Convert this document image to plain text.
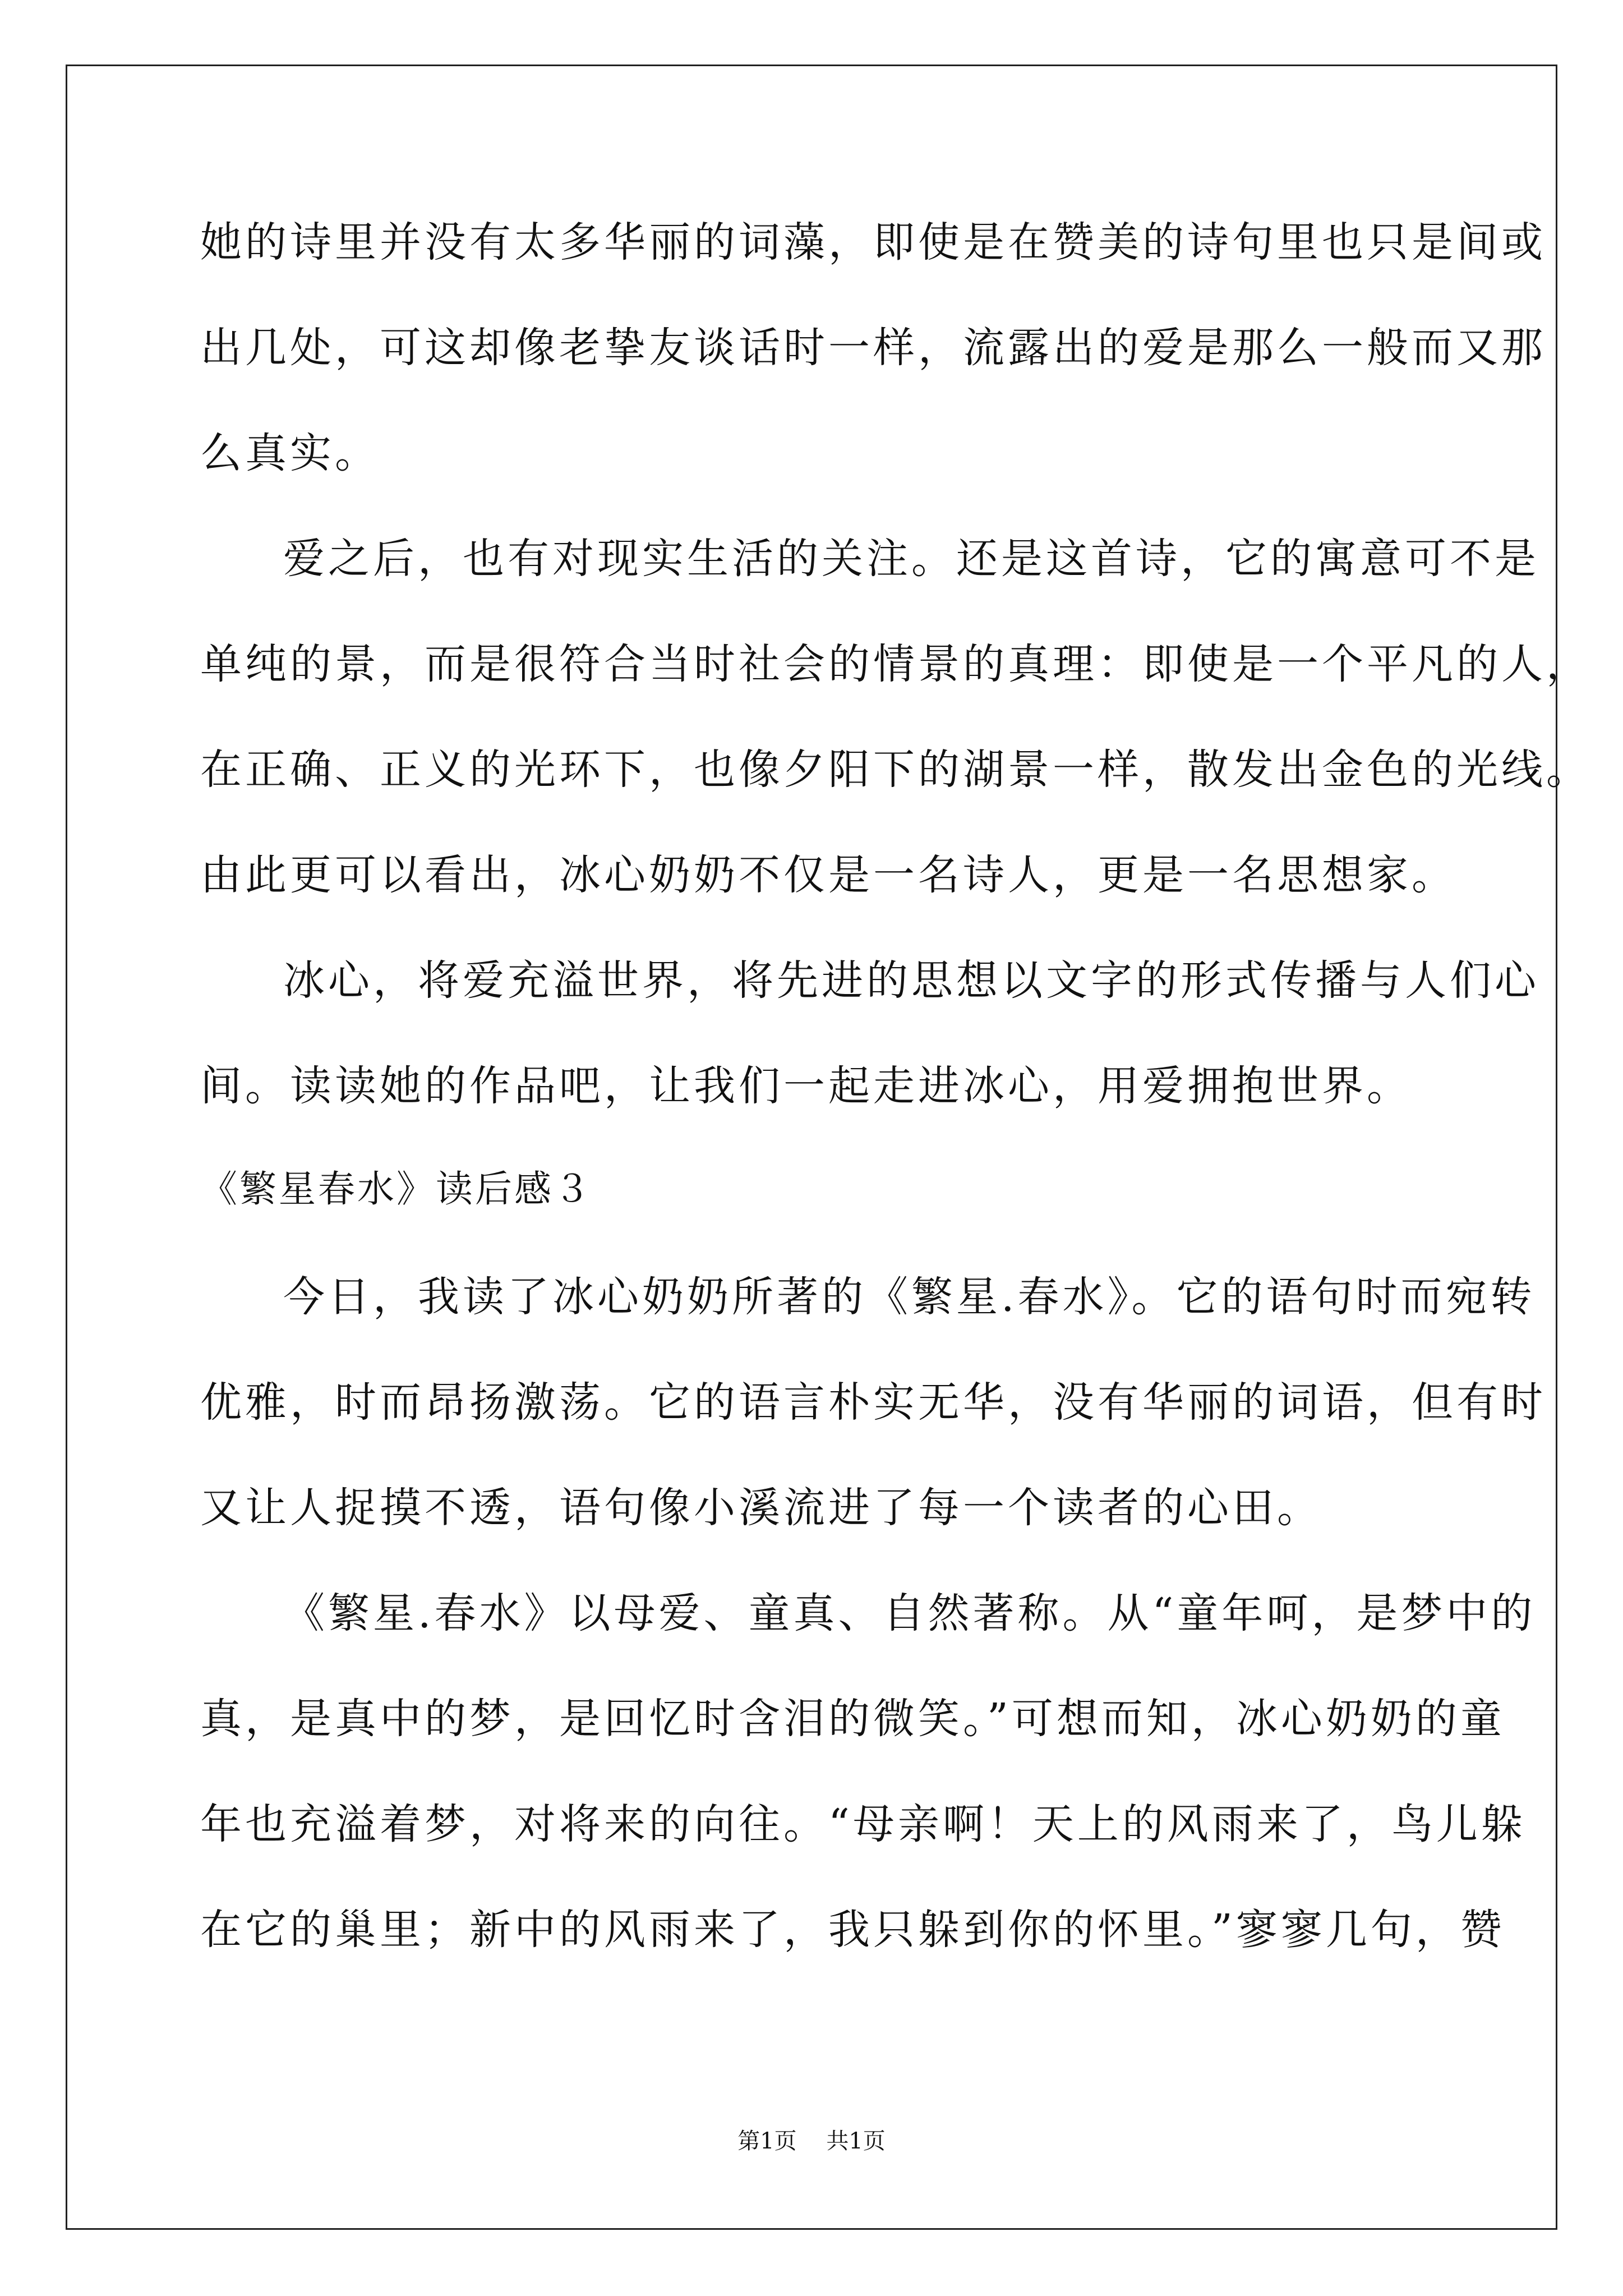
她的诗里并没有太多华丽的词藻，即使是在赞美的诗句里也只是间或
出几处，可这却像老挚友谈话时一样，流露出的爱是那么一般而又那
么真实。
爱之后，也有对现实生活的关注。还是这首诗，它的寓意可不是
单纯的景，而是很符合当时社会的情景的真理：即使是一个平凡的人，
在正确、正义的光环下，也像夕阳下的湖景一样，散发出金色的光线。
由此更可以看出，冰心奶奶不仅是一名诗人，更是一名思想家。
冰心，将爱充溢世界，将先进的思想以文字的形式传播与人们心
间。读读她的作品吧，让我们一起走进冰心，用爱拥抱世界。
《繁星春水》读后感３
今日，我读了冰心奶奶所著的《繁星.春水》。它的语句时而宛转
优雅，时而昂扬激荡。它的语言朴实无华，没有华丽的词语，但有时
又让人捉摸不透，语句像小溪流进了每一个读者的心田。
《繁星.春水》以母爱、童真、自然著称。从“童年呵，是梦中的
真，是真中的梦，是回忆时含泪的微笑。”可想而知，冰心奶奶的童
年也充溢着梦，对将来的向往。“母亲啊！天上的风雨来了，鸟儿躲
在它的巢里；新中的风雨来了，我只躲到你的怀里。”寥寥几句，赞
第1页 共1页
